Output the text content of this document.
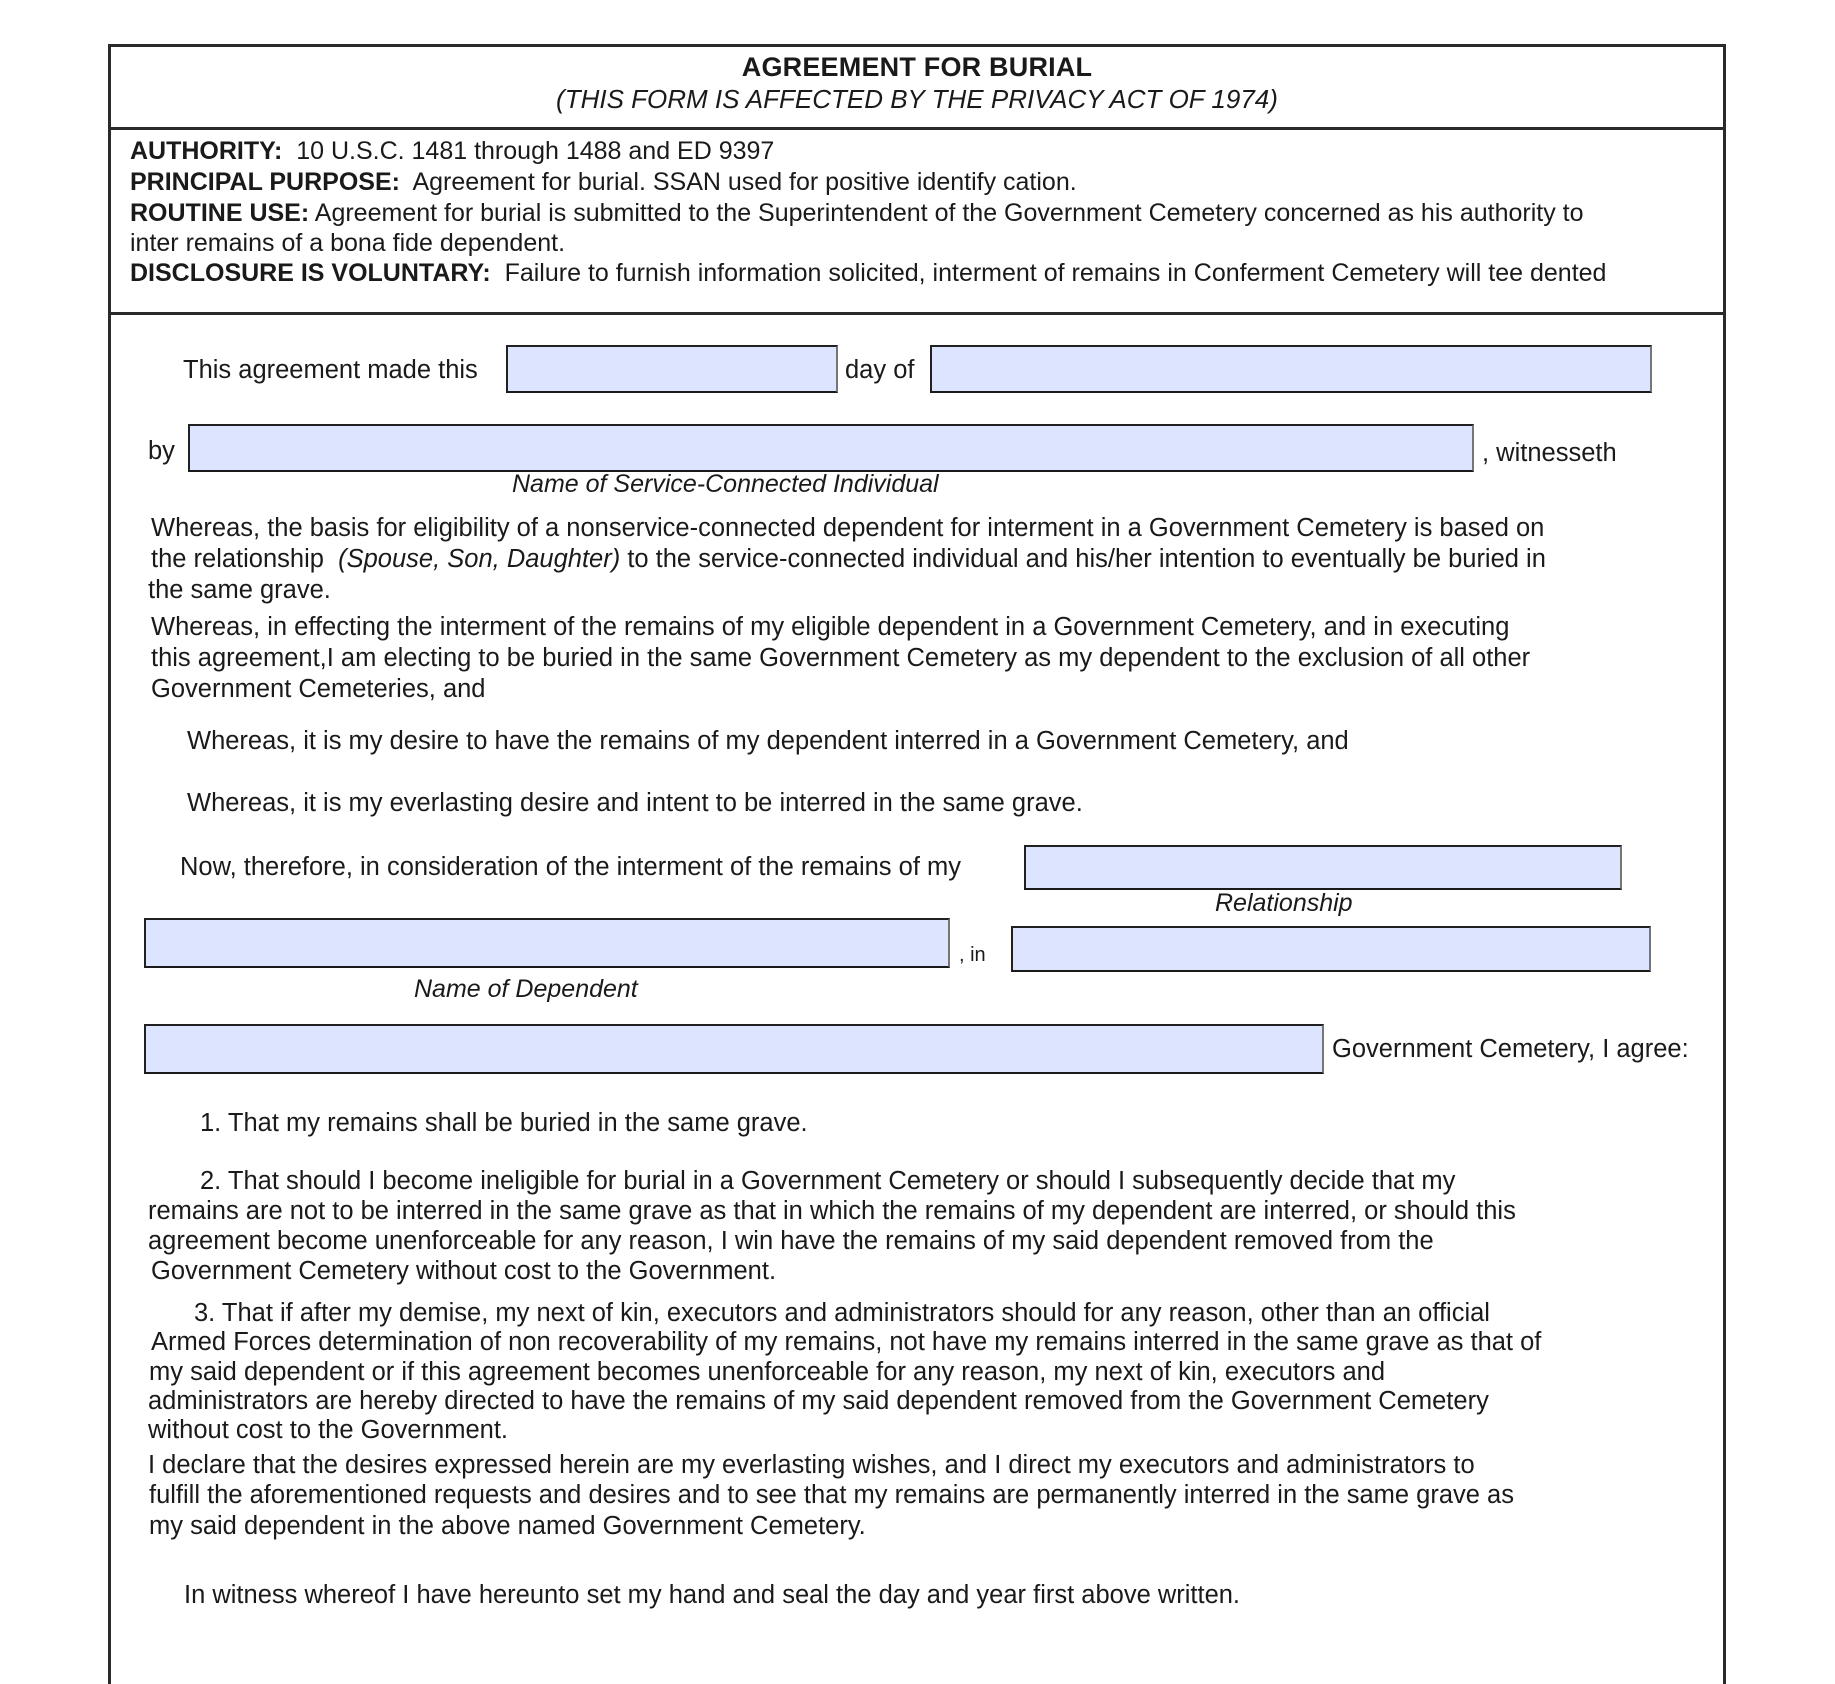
AGREEMENT FOR BURIAL
(THIS FORM IS AFFECTED BY THE PRIVACY ACT OF 1974)
AUTHORITY: 10 U.S.C. 1481 through 1488 and ED 9397
PRINCIPAL PURPOSE: Agreement for burial. SSAN used for positive identify cation.
ROUTINE USE: Agreement for burial is submitted to the Superintendent of the Government Cemetery concerned as his authority to
inter remains of a bona fide dependent.
DISCLOSURE IS VOLUNTARY: Failure to furnish information solicited, interment of remains in Conferment Cemetery will tee dented
This agreement made this	day of
by	, witnesseth
Name of Service-Connected Individual
Whereas, the basis for eligibility of a nonservice-connected dependent for interment in a Government Cemetery is based on
the relationship (Spouse, Son, Daughter) to the service-connected individual and his/her intention to eventually be buried in
the same grave.
Whereas, in effecting the interment of the remains of my eligible dependent in a Government Cemetery, and in executing
this agreement,I am electing to be buried in the same Government Cemetery as my dependent to the exclusion of all other
Government Cemeteries, and
Whereas, it is my desire to have the remains of my dependent interred in a Government Cemetery, and
Whereas, it is my everlasting desire and intent to be interred in the same grave.
Now, therefore, in consideration of the interment of the remains of my
Relationship
, in
Name of Dependent
Government Cemetery, I agree:
1. That my remains shall be buried in the same grave.
2. That should I become ineligible for burial in a Government Cemetery or should I subsequently decide that my
remains are not to be interred in the same grave as that in which the remains of my dependent are interred, or should this
agreement become unenforceable for any reason, I win have the remains of my said dependent removed from the
Government Cemetery without cost to the Government.
3. That if after my demise, my next of kin, executors and administrators should for any reason, other than an official
Armed Forces determination of non recoverability of my remains, not have my remains interred in the same grave as that of
my said dependent or if this agreement becomes unenforceable for any reason, my next of kin, executors and
administrators are hereby directed to have the remains of my said dependent removed from the Government Cemetery
without cost to the Government.
I declare that the desires expressed herein are my everlasting wishes, and I direct my executors and administrators to
fulfill the aforementioned requests and desires and to see that my remains are permanently interred in the same grave as
my said dependent in the above named Government Cemetery.
In witness whereof I have hereunto set my hand and seal the day and year first above written.
